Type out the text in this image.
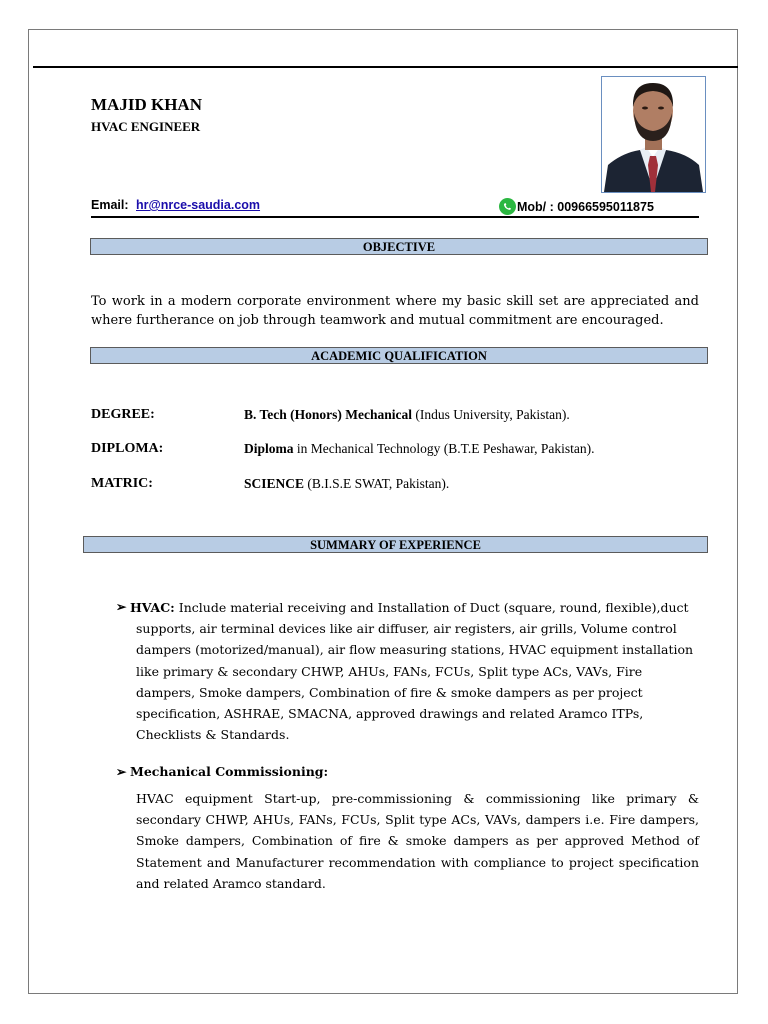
MAJID KHAN
HVAC ENGINEER
Email: hr@nrce-saudia.com	Mob/ : 00966595011875
OBJECTIVE
To work in a modern corporate environment where my basic skill set are appreciated and where furtherance on job through teamwork and mutual commitment are encouraged.
ACADEMIC QUALIFICATION
DEGREE:	B. Tech (Honors) Mechanical (Indus University, Pakistan).
DIPLOMA:	Diploma in Mechanical Technology (B.T.E Peshawar, Pakistan).
MATRIC:	SCIENCE (B.I.S.E SWAT, Pakistan).
SUMMARY OF EXPERIENCE
➢ HVAC: Include material receiving and Installation of Duct (square, round, flexible),duct supports, air terminal devices like air diffuser, air registers, air grills, Volume control dampers (motorized/manual), air flow measuring stations, HVAC equipment installation like primary & secondary CHWP, AHUs, FANs, FCUs, Split type ACs, VAVs, Fire dampers, Smoke dampers, Combination of fire & smoke dampers as per project specification, ASHRAE, SMACNA, approved drawings and related Aramco ITPs, Checklists & Standards.
➢ Mechanical Commissioning:
HVAC equipment Start-up, pre-commissioning & commissioning like primary & secondary CHWP, AHUs, FANs, FCUs, Split type ACs, VAVs, dampers i.e. Fire dampers, Smoke dampers, Combination of fire & smoke dampers as per approved Method of Statement and Manufacturer recommendation with compliance to project specification and related Aramco standard.
